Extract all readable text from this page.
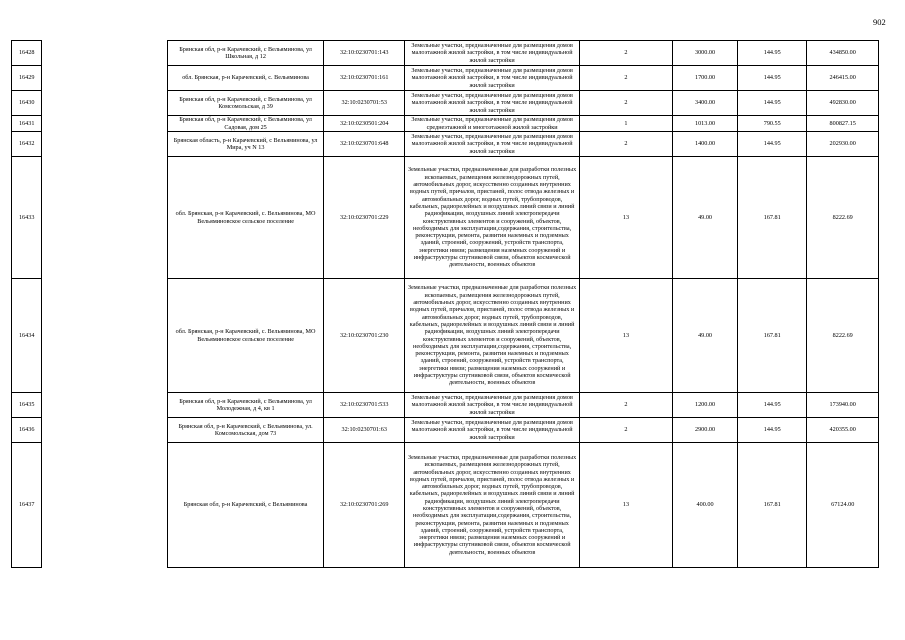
902
16428		Брянская обл, р-н Карачевский, с Вельяминова, ул Школьная, д 12	32:10:0230701:143	Земельные участки, предназначенные для размещения домов малоэтажной жилой застройки, в том числе индивидуальной жилой застройки	2	3000.00	144.95	434850.00
16429		обл. Брянская, р-н Карачевский, с. Вельяминова	32:10:0230701:161	Земельные участки, предназначенные для размещения домов малоэтажной жилой застройки, в том числе индивидуальной жилой застройки	2	1700.00	144.95	246415.00
16430		Брянская обл, р-н Карачевский, с Вельяминова, ул Комсомольская, д 39	32:10:0230701:53	Земельные участки, предназначенные для размещения домов малоэтажной жилой застройки, в том числе индивидуальной жилой застройки	2	3400.00	144.95	492830.00
16431		Брянская обл, р-н Карачевский, с Вельяминова, ул Садовая, дом 25	32:10:0230501:204	Земельные участки, предназначенные для размещения домов среднеэтажной и многоэтажной жилой застройки	1	1013.00	790.55	800827.15
16432		Брянская область, р-н Карачевский, с Вельяминова, ул Мира, уч N 13	32:10:0230701:648	Земельные участки, предназначенные для размещения домов малоэтажной жилой застройки, в том числе индивидуальной жилой застройки	2	1400.00	144.95	202930.00
16433		обл. Брянская, р-н Карачевский, с. Вельяминова, МО Вельяминовское сельское поселение	32:10:0230701:229	Земельные участки, предназначенные для разработки полезных ископаемых, размещения железнодорожных путей, автомобильных дорог, искусственно созданных внутренних водных путей, причалов, пристаней, полос отвода железных и автомобильных дорог, водных путей, трубопроводов, кабельных, радиорелейных и воздушных линий связи и линий радиофикации, воздушных линий электропередачи конструктивных элементов и сооружений, объектов, необходимых для эксплуатации,содержания, строительства, реконструкции, ремонта, развития наземных и подземных зданий, строений, сооружений, устройств транспорта, энергетики нвязи; размещения наземных сооружений и инфраструктуры спутниковой связи, объектов космической деятельности, военных объектов	13	49.00	167.81	8222.69
16434		обл. Брянская, р-н Карачевский, с. Вельяминова, МО Вельяминовское сельское поселение	32:10:0230701:230	Земельные участки, предназначенные для разработки полезных ископаемых, размещения железнодорожных путей, автомобильных дорог, искусственно созданных внутренних водных путей, причалов, пристаней, полос отвода железных и автомобильных дорог, водных путей, трубопроводов, кабельных, радиорелейных и воздушных линий связи и линий радиофикации, воздушных линий электропередачи конструктивных элементов и сооружений, объектов, необходимых для эксплуатации,содержания, строительства, реконструкции, ремонта, развития наземных и подземных зданий, строений, сооружений, устройств транспорта, энергетики нвязи; размещения наземных сооружений и инфраструктуры спутниковой связи, объектов космической деятельности, военных объектов	13	49.00	167.81	8222.69
16435		Брянская обл, р-н Карачевский, с Вельяминова, ул Молодежная, д 4, кв 1	32:10:0230701:533	Земельные участки, предназначенные для размещения домов малоэтажной жилой застройки, в том числе индивидуальной жилой застройки	2	1200.00	144.95	173940.00
16436		Брянская обл, р-н Карачевский, с Вельяминова, ул. Комсомольская, дом 73	32:10:0230701:63	Земельные участки, предназначенные для размещения домов малоэтажной жилой застройки, в том числе индивидуальной жилой застройки	2	2900.00	144.95	420355.00
16437		Брянская обл, р-н Карачевский, с Вельяминова	32:10:0230701:269	Земельные участки, предназначенные для разработки полезных ископаемых, размещения железнодорожных путей, автомобильных дорог, искусственно созданных внутренних водных путей, причалов, пристаней, полос отвода железных и автомобильных дорог, водных путей, трубопроводов, кабельных, радиорелейных и воздушных линий связи и линий радиофикации, воздушных линий электропередачи конструктивных элементов и сооружений, объектов, необходимых для эксплуатации,содержания, строительства, реконструкции, ремонта, развития наземных и подземных зданий, строений, сооружений, устройств транспорта, энергетики нвязи; размещения наземных сооружений и инфраструктуры спутниковой связи, объектов космической деятельности, военных объектов	13	400.00	167.81	67124.00
